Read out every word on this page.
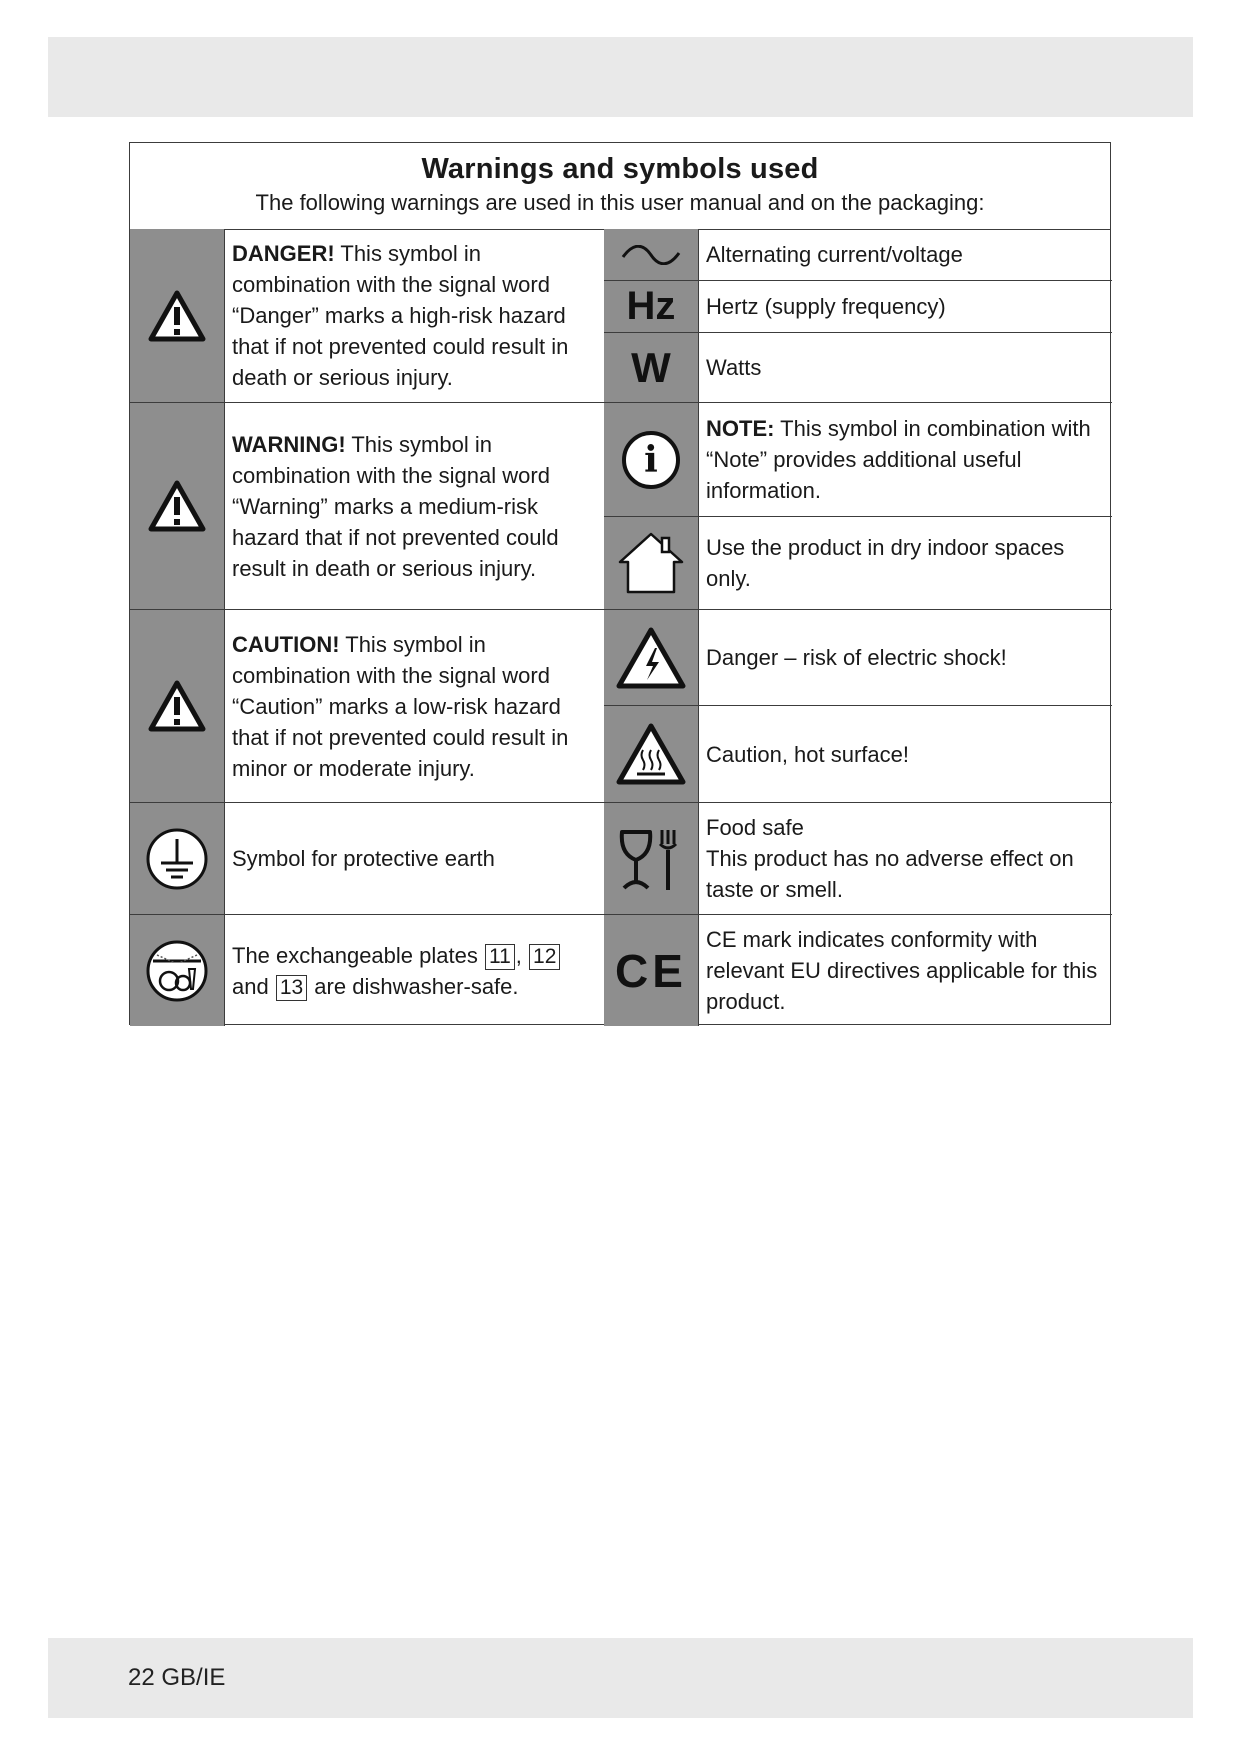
22 GB/IE
Warnings and symbols used
The following warnings are used in this user manual and on the packaging:
DANGER! This symbol in combination with the signal word “Danger” marks a high-risk hazard that if not prevented could result in death or serious injury.
WARNING! This symbol in combination with the signal word “Warning” marks a medium-risk hazard that if not prevented could result in death or serious injury.
CAUTION! This symbol in combination with the signal word “Caution” marks a low-risk hazard that if not prevented could result in minor or moderate injury.
Symbol for protective earth
The exchangeable plates 11 , 12
and 13 are dishwasher-safe.
Alternating current/voltage
Hz	Hertz (supply frequency)
W	Watts
i
NOTE: This symbol in combination with “Note” provides additional useful information.
Use the product in dry indoor spaces only.
Danger – risk of electric shock!
Caution, hot surface!
Food safe
This product has no adverse effect on taste or smell.
CE
CE mark indicates conformity with relevant EU directives applicable for this product.
